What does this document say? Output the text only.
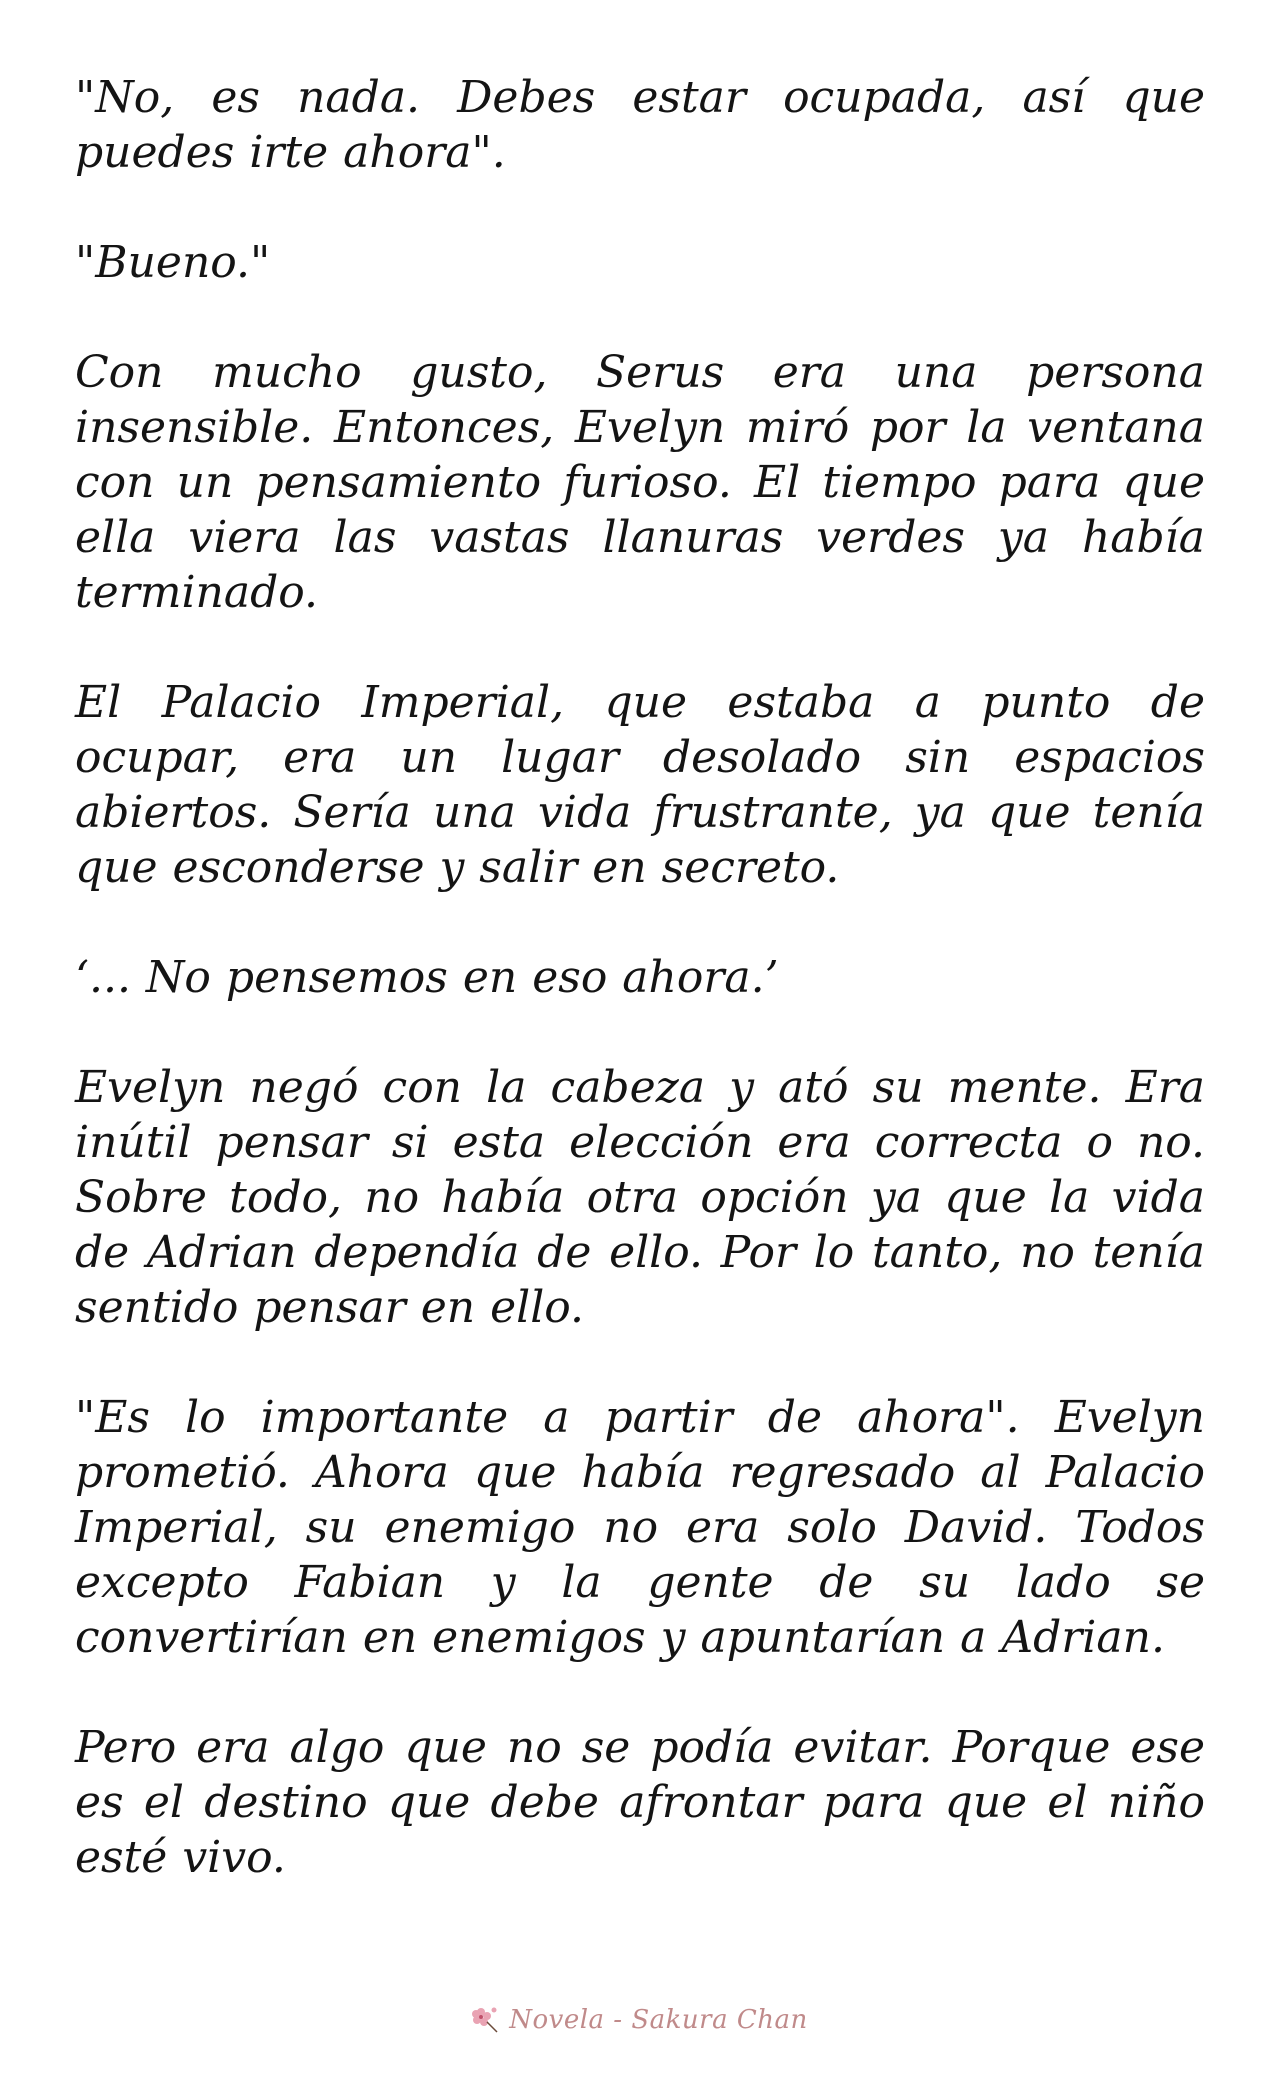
"No, es nada. Debes estar ocupada, así que puedes irte ahora".

"Bueno."

Con mucho gusto, Serus era una persona insensible. Entonces, Evelyn miró por la ventana con un pensamiento furioso. El tiempo para que ella viera las vastas llanuras verdes ya había terminado.

El Palacio Imperial, que estaba a punto de ocupar, era un lugar desolado sin espacios abiertos. Sería una vida frustrante, ya que tenía que esconderse y salir en secreto.

‘... No pensemos en eso ahora.’

Evelyn negó con la cabeza y ató su mente. Era inútil pensar si esta elección era correcta o no. Sobre todo, no había otra opción ya que la vida de Adrian dependía de ello. Por lo tanto, no tenía sentido pensar en ello.

"Es lo importante a partir de ahora". Evelyn prometió. Ahora que había regresado al Palacio Imperial, su enemigo no era solo David. Todos excepto Fabian y la gente de su lado se convertirían en enemigos y apuntarían a Adrian.

Pero era algo que no se podía evitar. Porque ese es el destino que debe afrontar para que el niño esté vivo.

Novela - Sakura Chan
